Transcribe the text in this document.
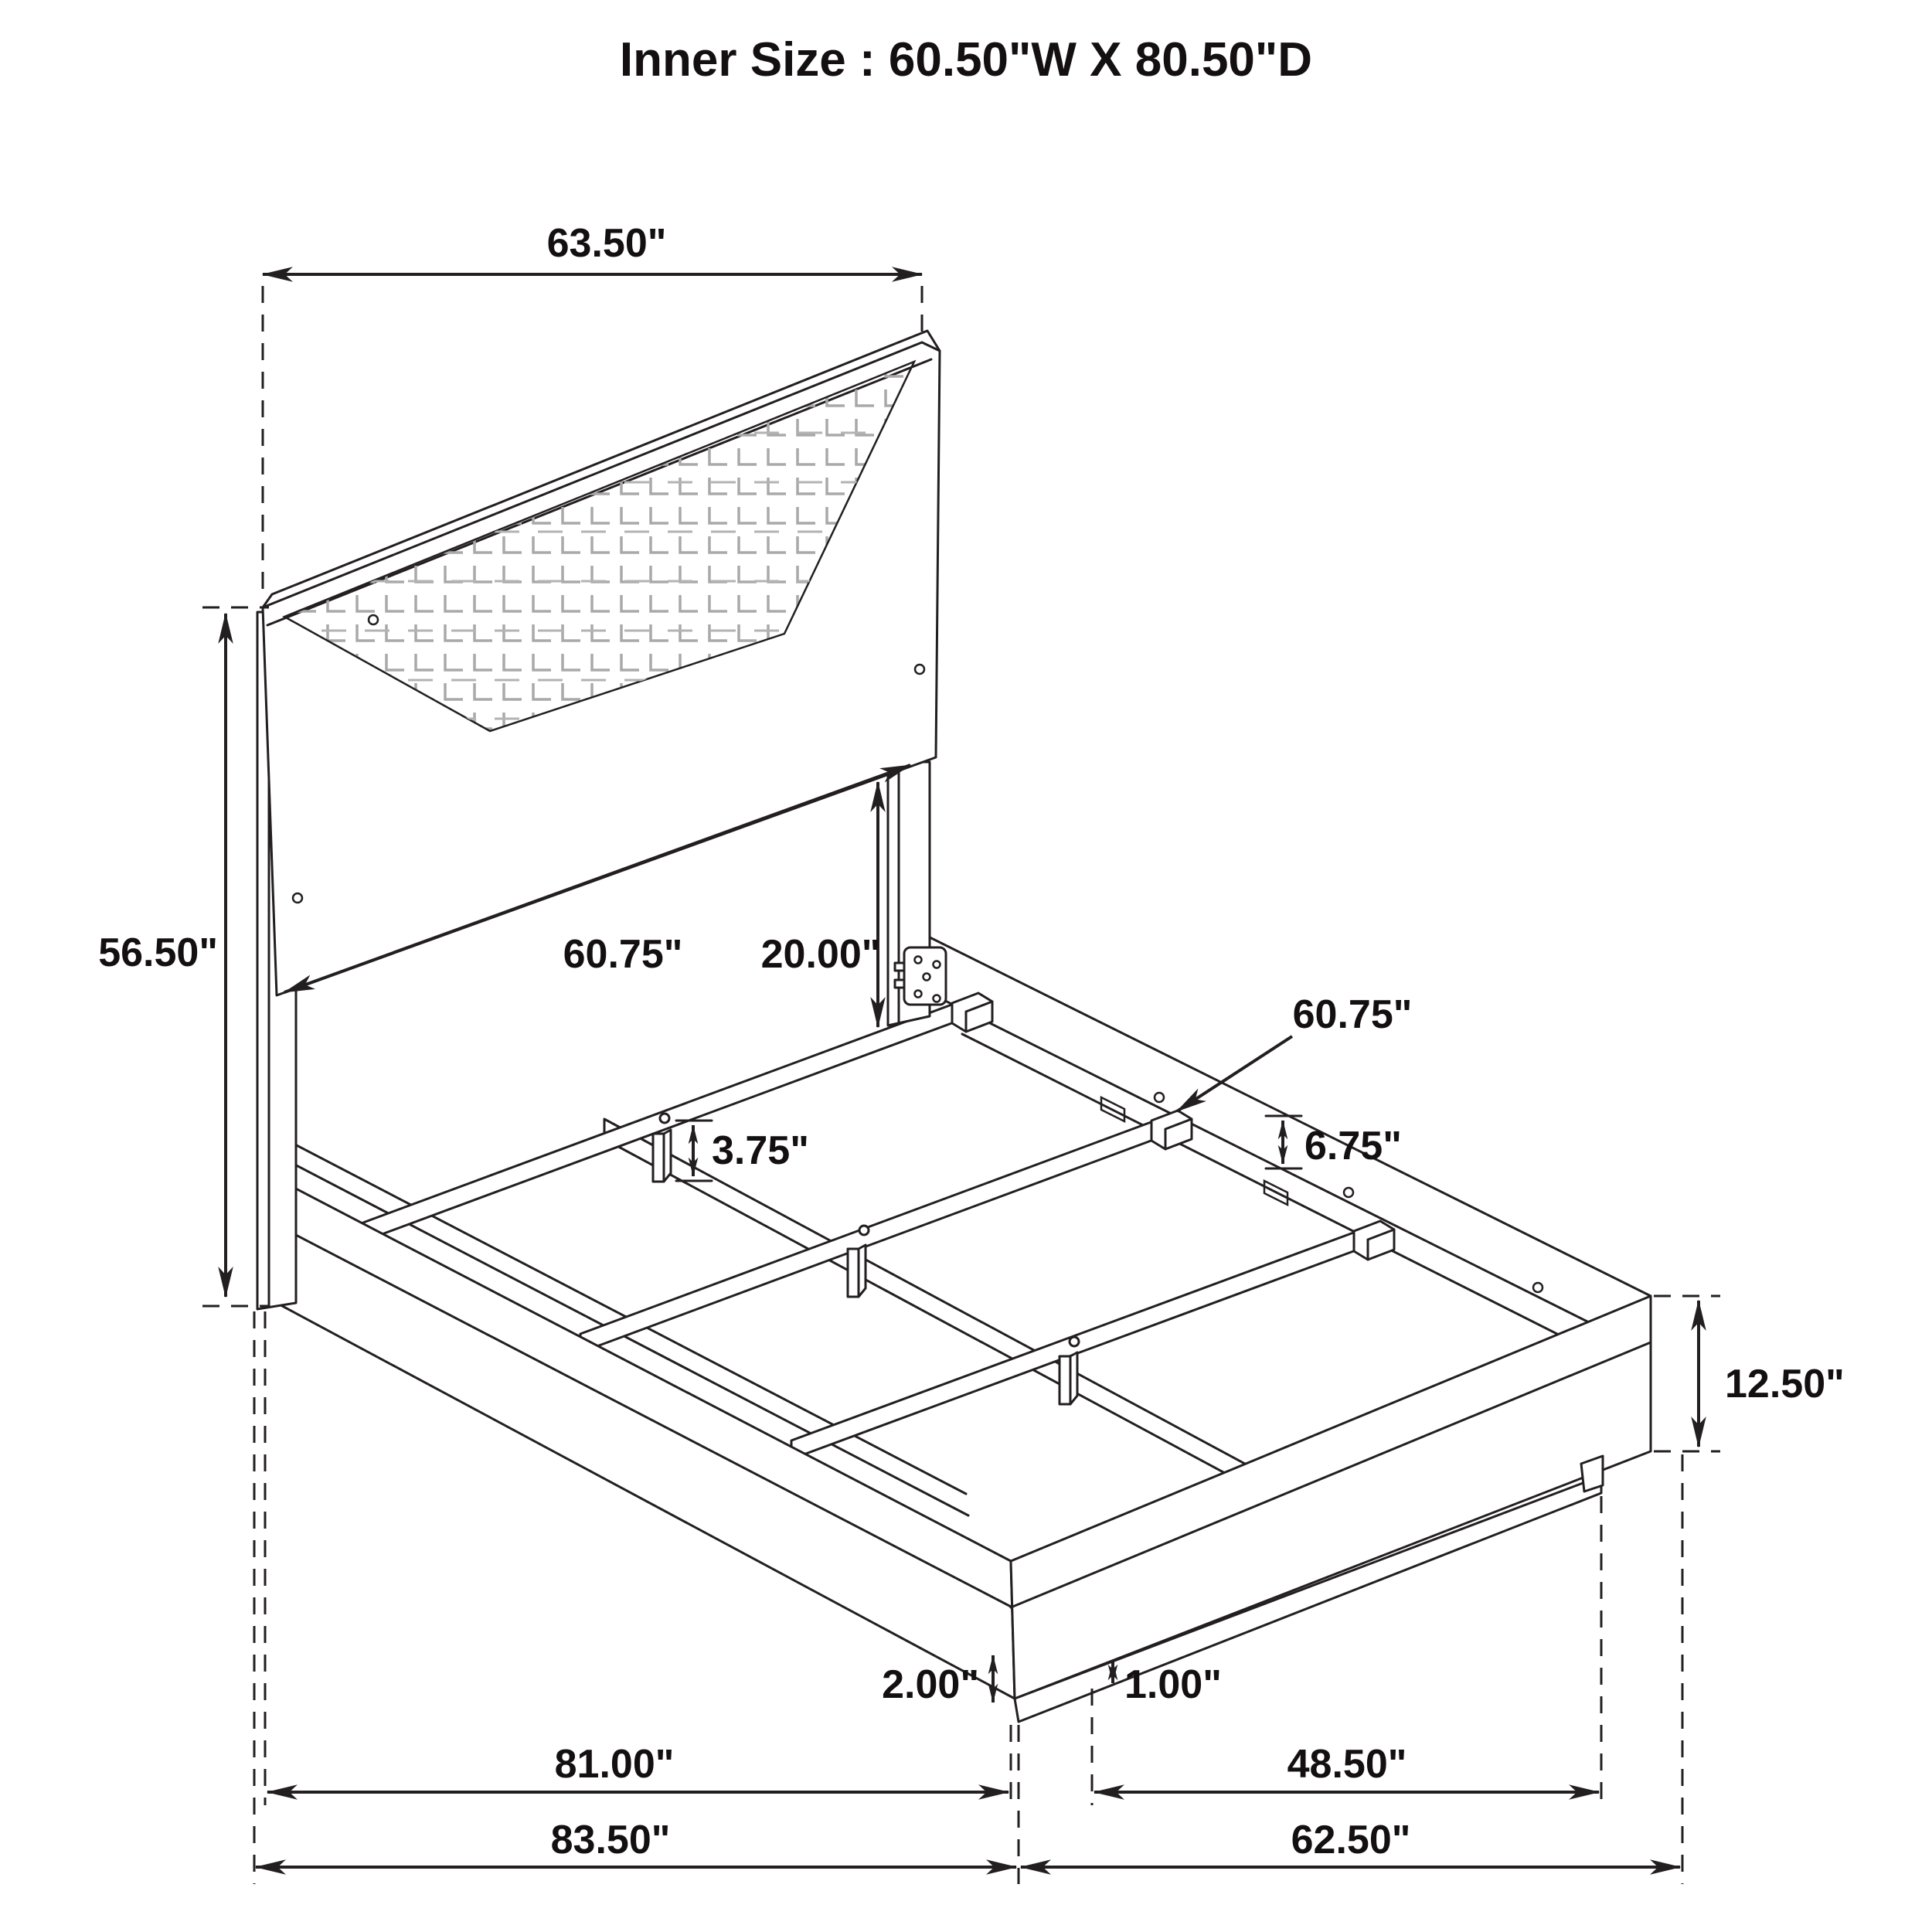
Inner Size : 60.50"W X 80.50"D
63.50"
56.50"	60.75" 20.00"
60.75"
6.75"
3.75"
12.50"
2.00"	1.00"
81.00"	48.50"
83.50"	62.50"
